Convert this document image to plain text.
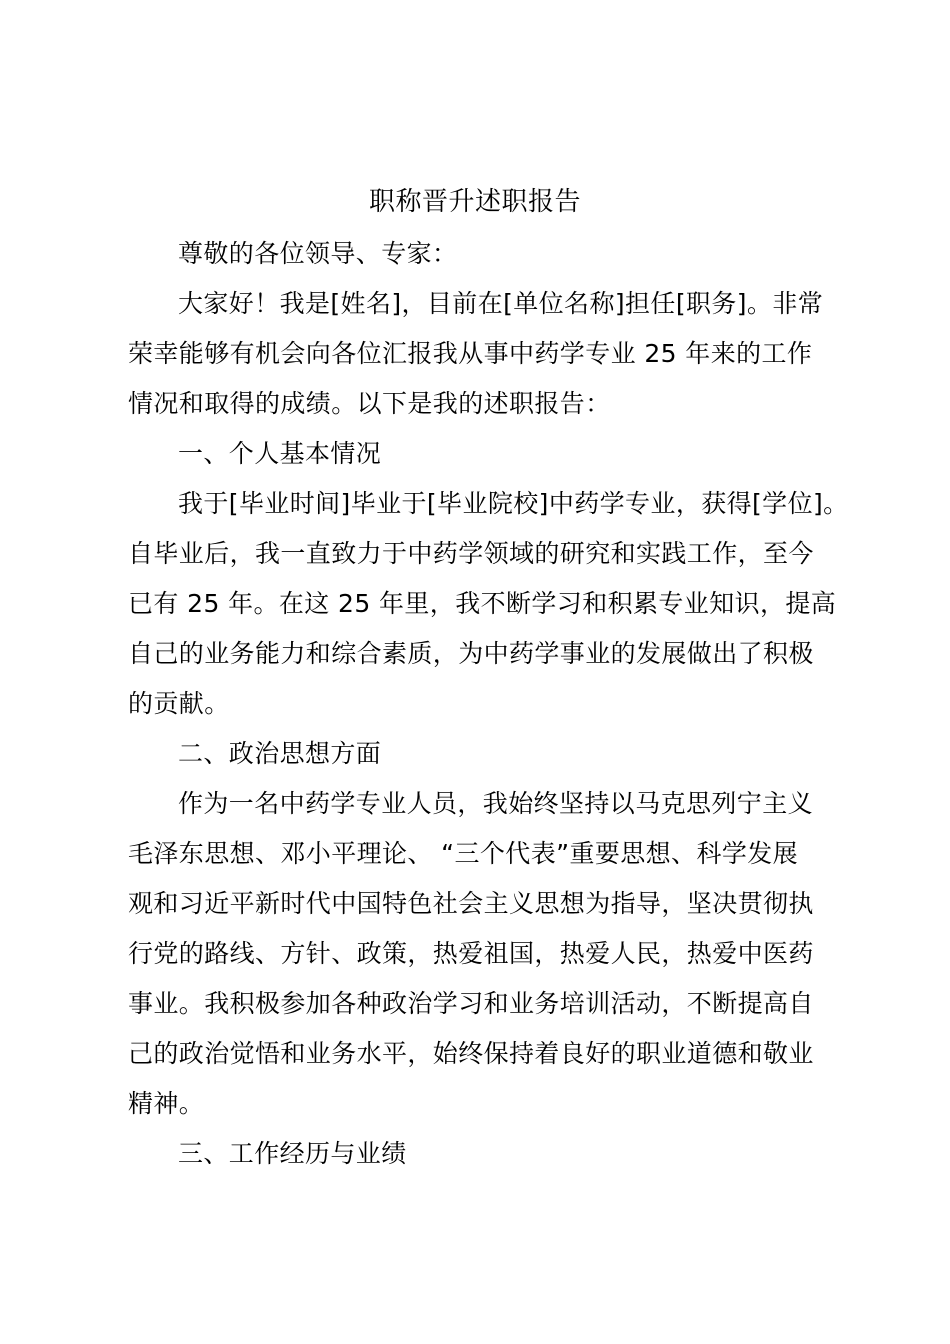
职称晋升述职报告
尊敬的各位领导、专家：
大家好！我是[姓名]，目前在[单位名称]担任[职务]。非常
荣幸能够有机会向各位汇报我从事中药学专业 25 年来的工作
情况和取得的成绩。以下是我的述职报告：
一、个人基本情况
我于[毕业时间]毕业于[毕业院校]中药学专业，获得[学位]。
自毕业后，我一直致力于中药学领域的研究和实践工作，至今
已有 25 年。在这 25 年里，我不断学习和积累专业知识，提高
自己的业务能力和综合素质，为中药学事业的发展做出了积极
的贡献。
二、政治思想方面
作为一名中药学专业人员，我始终坚持以马克思列宁主义
毛泽东思想、邓小平理论、 “三个代表”重要思想、科学发展
观和习近平新时代中国特色社会主义思想为指导，坚决贯彻执
行党的路线、方针、政策，热爱祖国，热爱人民，热爱中医药
事业。我积极参加各种政治学习和业务培训活动，不断提高自
己的政治觉悟和业务水平，始终保持着良好的职业道德和敬业
精神。
三、工作经历与业绩
